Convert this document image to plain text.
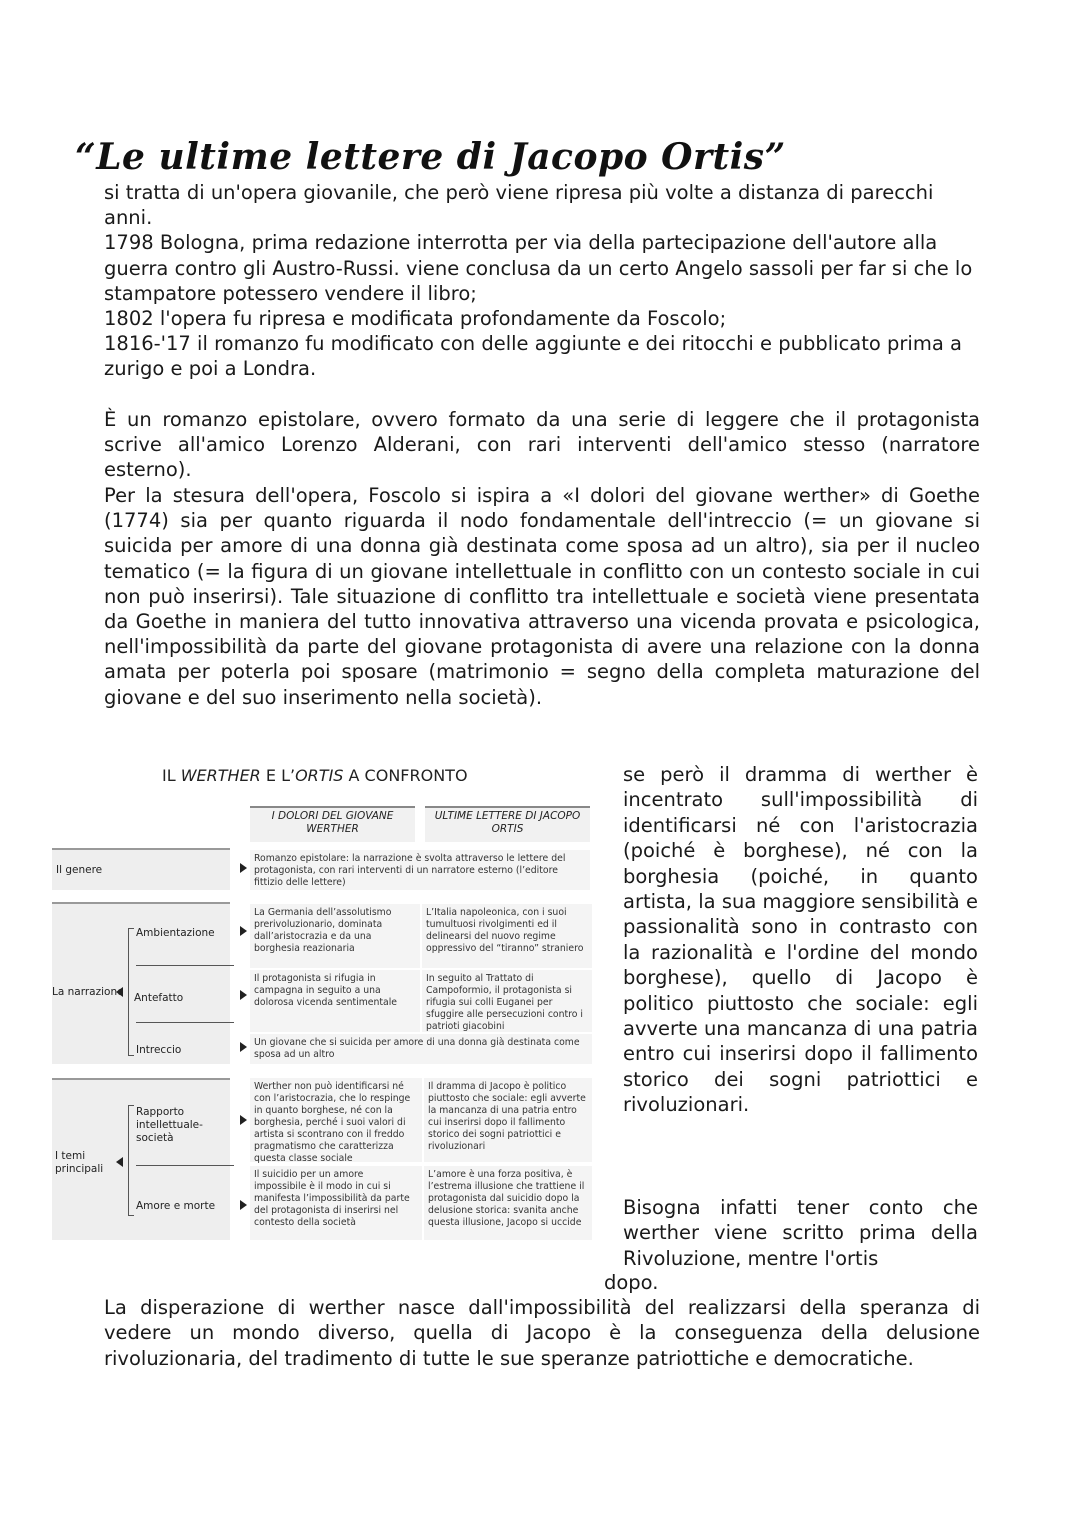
“Le ultime lettere di Jacopo Ortis”

si tratta di un'opera giovanile, che però viene ripresa più volte a distanza di parecchi anni.

1798 Bologna, prima redazione interrotta per via della partecipazione dell'autore alla guerra contro gli Austro-Russi. viene conclusa da un certo Angelo sassoli per far si che lo stampatore potessero vendere il libro;

1802 l'opera fu ripresa e modificata profondamente da Foscolo;

1816-'17 il romanzo fu modificato con delle aggiunte e dei ritocchi e pubblicato prima a zurigo e poi a Londra.

È un romanzo epistolare, ovvero formato da una serie di leggere che il protagonista scrive all'amico Lorenzo Alderani, con rari interventi dell'amico stesso (narratore esterno).

Per la stesura dell'opera, Foscolo si ispira a «I dolori del giovane werther» di Goethe (1774) sia per quanto riguarda il nodo fondamentale dell'intreccio (= un giovane si suicida per amore di una donna già destinata come sposa ad un altro), sia per il nucleo tematico (= la figura di un giovane intellettuale in conflitto con un contesto sociale in cui non può inserirsi). Tale situazione di conflitto tra intellettuale e società viene presentata da Goethe in maniera del tutto innovativa attraverso una vicenda provata e psicologica, nell'impossibilità da parte del giovane protagonista di avere una relazione con la donna amata per poterla poi sposare (matrimonio = segno della completa maturazione del giovane e del suo inserimento nella società).

IL WERTHER E L’ORTIS A CONFRONTO
I DOLORI DEL GIOVANE WERTHER
ULTIME LETTERE DI JACOPO ORTIS
Il genere
Romanzo epistolare: la narrazione è svolta attraverso le lettere del protagonista, con rari interventi di un narratore esterno (l’editore fittizio delle lettere)
La narrazione
Ambientazione
Antefatto
Intreccio
La Germania dell’assolutismo prerivoluzionario, dominata dall’aristocrazia e da una borghesia reazionaria
L’Italia napoleonica, con i suoi tumultuosi rivolgimenti ed il delinearsi del nuovo regime oppressivo del “tiranno” straniero
Il protagonista si rifugia in campagna in seguito a una dolorosa vicenda sentimentale
In seguito al Trattato di Campoformio, il protagonista si rifugia sui colli Euganei per sfuggire alle persecuzioni contro i patrioti giacobini
Un giovane che si suicida per amore di una donna già destinata come sposa ad un altro
I temi principali
Rapporto intellettuale-società
Amore e morte
Werther non può identificarsi né con l’aristocrazia, che lo respinge in quanto borghese, né con la borghesia, perché i suoi valori di artista si scontrano con il freddo pragmatismo che caratterizza questa classe sociale
Il dramma di Jacopo è politico piuttosto che sociale: egli avverte la mancanza di una patria entro cui inserirsi dopo il fallimento storico dei sogni patriottici e rivoluzionari
Il suicidio per un amore impossibile è il modo in cui si manifesta l’impossibilità da parte del protagonista di inserirsi nel contesto della società
L’amore è una forza positiva, è l’estrema illusione che trattiene il protagonista dal suicidio dopo la delusione storica: svanita anche questa illusione, Jacopo si uccide

se però il dramma di werther è incentrato sull'impossibilità di identificarsi né con l'aristocrazia (poiché è borghese), né con la borghesia (poiché, in quanto artista, la sua maggiore sensibilità e passionalità sono in contrasto con la razionalità e l'ordine del mondo borghese), quello di Jacopo è politico piuttosto che sociale: egli avverte una mancanza di una patria entro cui inserirsi dopo il fallimento storico dei sogni patriottici e rivoluzionari.

Bisogna infatti tener conto che werther viene scritto prima della Rivoluzione, mentre l'ortis

dopo.

La disperazione di werther nasce dall'impossibilità del realizzarsi della speranza di vedere un mondo diverso, quella di Jacopo è la conseguenza della delusione rivoluzionaria, del tradimento di tutte le sue speranze patriottiche e democratiche.
